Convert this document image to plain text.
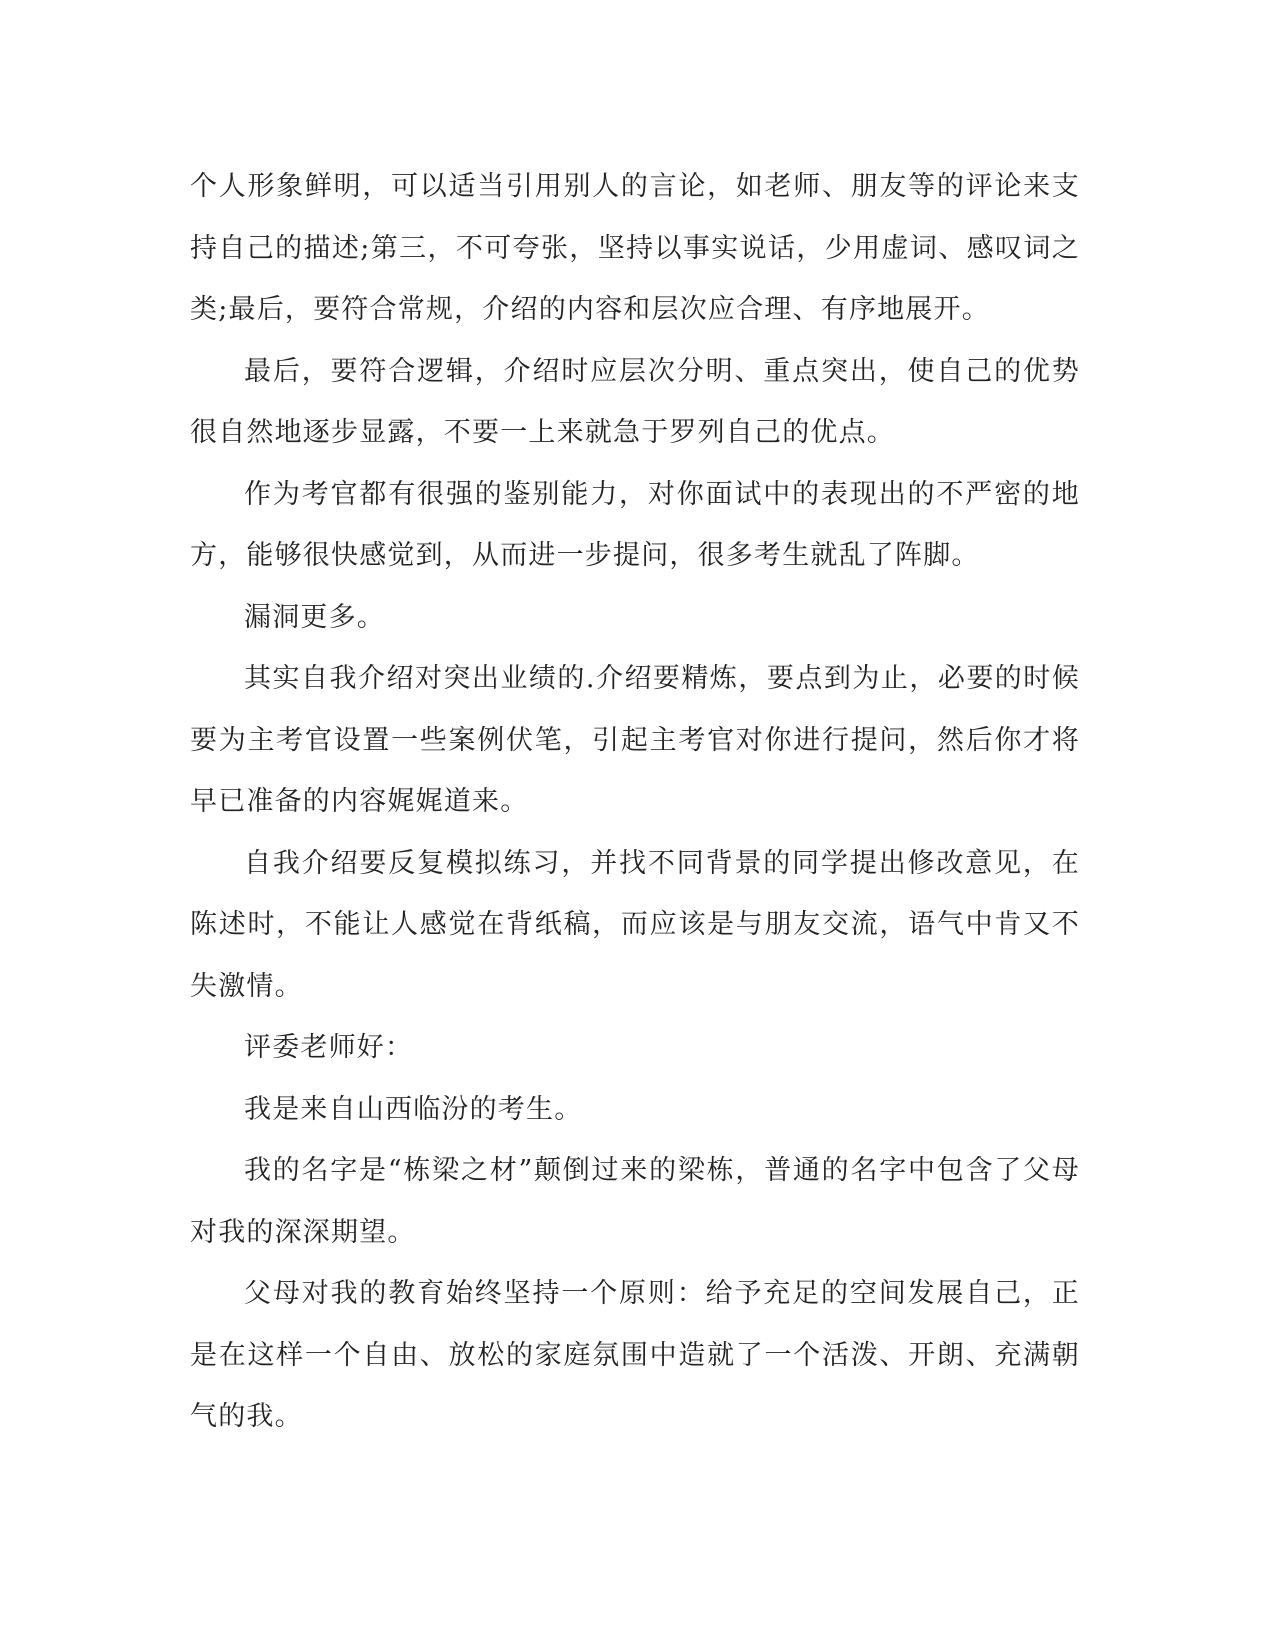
个人形象鲜明，可以适当引用别人的言论，如老师、朋友等的评论来支持自己的描述;第三，不可夸张，坚持以事实说话，少用虚词、感叹词之类;最后，要符合常规，介绍的内容和层次应合理、有序地展开。

最后，要符合逻辑，介绍时应层次分明、重点突出，使自己的优势很自然地逐步显露，不要一上来就急于罗列自己的优点。

作为考官都有很强的鉴别能力，对你面试中的表现出的不严密的地方，能够很快感觉到，从而进一步提问，很多考生就乱了阵脚。

漏洞更多。

其实自我介绍对突出业绩的.介绍要精炼，要点到为止，必要的时候要为主考官设置一些案例伏笔，引起主考官对你进行提问，然后你才将早已准备的内容娓娓道来。

自我介绍要反复模拟练习，并找不同背景的同学提出修改意见，在陈述时，不能让人感觉在背纸稿，而应该是与朋友交流，语气中肯又不失激情。

评委老师好：

我是来自山西临汾的考生。

我的名字是“栋梁之材”颠倒过来的梁栋，普通的名字中包含了父母对我的深深期望。

父母对我的教育始终坚持一个原则：给予充足的空间发展自己，正是在这样一个自由、放松的家庭氛围中造就了一个活泼、开朗、充满朝气的我。
